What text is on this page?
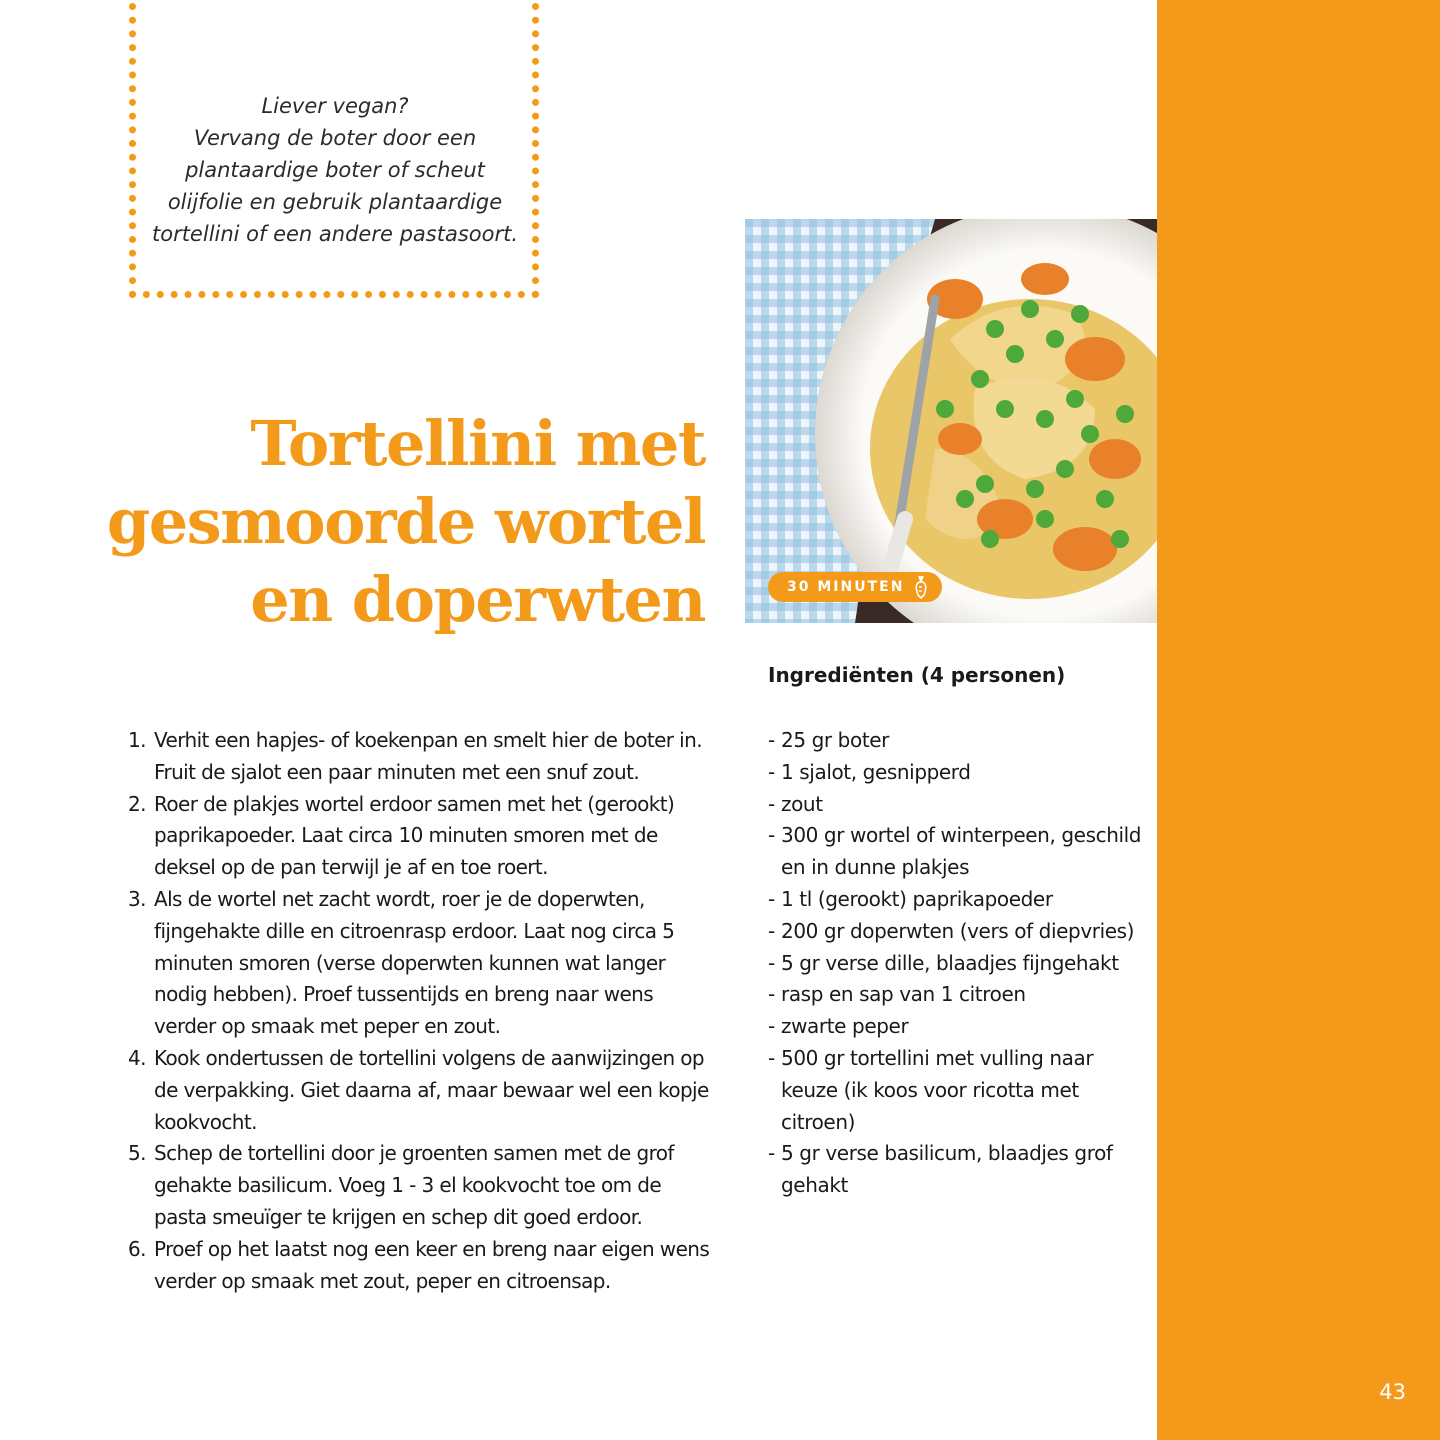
43
Liever vegan?
Vervang de boter door een
plantaardige boter of scheut
olijfolie en gebruik plantaardige
tortellini of een andere pastasoort.
Tortellini met
gesmoorde wortel
en doperwten	30 MINUTEN
Ingrediënten (4 personen)
- 25 gr boter
- 1 sjalot, gesnipperd
- zout
- 300 gr wortel of winterpeen, geschild en in dunne plakjes
- 1 tl (gerookt) paprikapoeder
- 200 gr doperwten (vers of diepvries)
- 5 gr verse dille, blaadjes fijngehakt
- rasp en sap van 1 citroen
- zwarte peper
- 500 gr tortellini met vulling naar keuze (ik koos voor ricotta met citroen)
- 5 gr verse basilicum, blaadjes grof gehakt
1. Verhit een hapjes- of koekenpan en smelt hier de boter in. Fruit de sjalot een paar minuten met een snuf zout.
2. Roer de plakjes wortel erdoor samen met het (gerookt) paprikapoeder. Laat circa 10 minuten smoren met de deksel op de pan terwijl je af en toe roert.
3. Als de wortel net zacht wordt, roer je de doperwten, fijngehakte dille en citroenrasp erdoor. Laat nog circa 5 minuten smoren (verse doperwten kunnen wat langer nodig hebben). Proef tussentijds en breng naar wens verder op smaak met peper en zout.
4. Kook ondertussen de tortellini volgens de aanwijzingen op de verpakking. Giet daarna af, maar bewaar wel een kopje kookvocht.
5. Schep de tortellini door je groenten samen met de grof gehakte basilicum. Voeg 1 - 3 el kookvocht toe om de pasta smeuïger te krijgen en schep dit goed erdoor.
6. Proef op het laatst nog een keer en breng naar eigen wens verder op smaak met zout, peper en citroensap.
